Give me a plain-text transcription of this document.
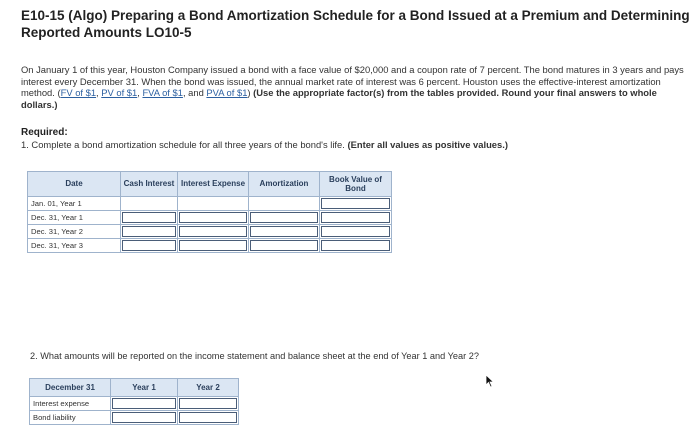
E10-15 (Algo) Preparing a Bond Amortization Schedule for a Bond Issued at a Premium and Determining Reported Amounts LO10-5
On January 1 of this year, Houston Company issued a bond with a face value of $20,000 and a coupon rate of 7 percent. The bond matures in 3 years and pays interest every December 31. When the bond was issued, the annual market rate of interest was 6 percent. Houston uses the effective-interest amortization method. (FV of $1, PV of $1, FVA of $1, and PVA of $1) (Use the appropriate factor(s) from the tables provided. Round your final answers to whole dollars.)
Required:
1. Complete a bond amortization schedule for all three years of the bond's life. (Enter all values as positive values.)
Date	Cash Interest	Interest Expense	Amortization	Book Value of Bond
Jan. 01, Year 1				

Dec. 31, Year 1	

Dec. 31, Year 2	

Dec. 31, Year 3	

2. What amounts will be reported on the income statement and balance sheet at the end of Year 1 and Year 2?
December 31	Year 1	Year 2
Interest expense	

Bond liability	
